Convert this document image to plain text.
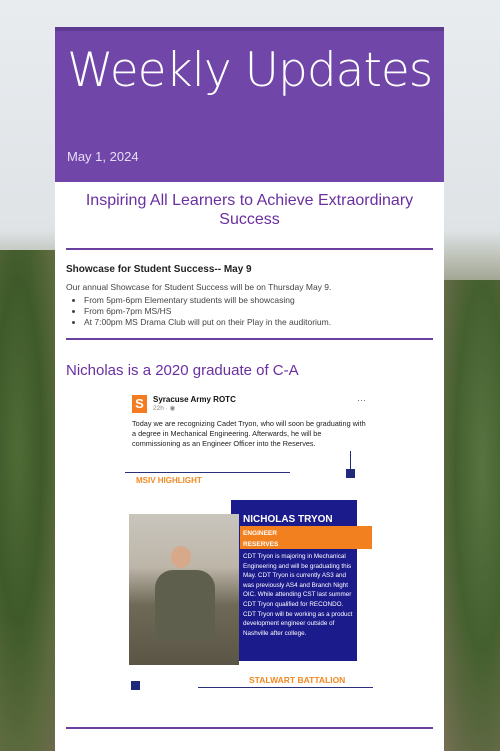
Weekly Updates
May 1, 2024
Inspiring All Learners to Achieve Extraordinary Success
Showcase for Student Success-- May 9

Our annual Showcase for Student Success will be on Thursday May 9.

• From 5pm-6pm Elementary students will be showcasing
• From 6pm-7pm MS/HS
• At 7:00pm MS Drama Club will put on their Play in the auditorium.
Nicholas is a 2020 graduate of C-A
S	Syracuse Army ROTC
22h · ◉
···
Today we are recognizing Cadet Tryon, who will soon be graduating with a degree in Mechanical Engineering. Afterwards, he will be commissioning as an Engineer Officer into the Reserves.
MSIV HIGHLIGHT
NICHOLAS TRYON
ENGINEER
RESERVES
CDT Tryon is majoring in Mechanical Engineering and will be graduating this May. CDT Tryon is currently AS3 and was previously AS4 and Branch Night OIC. While attending CST last summer CDT Tryon qualified for RECONDO. CDT Tryon will be working as a product development engineer outside of Nashville after college.
STALWART BATTALION
